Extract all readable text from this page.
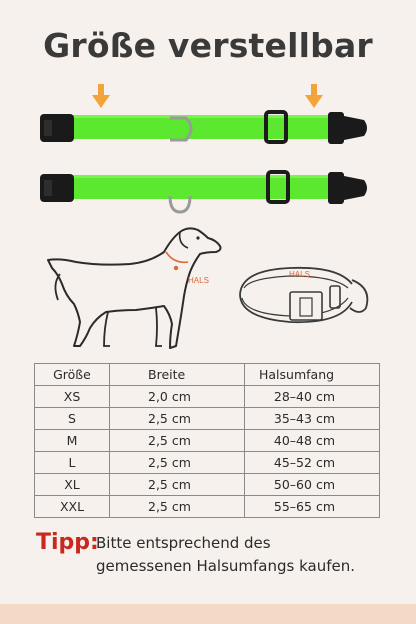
Größe verstellbar
HALS
HALS
Größe	Breite	Halsumfang
XS	2,0 cm	28–40 cm
S	2,5 cm	35–43 cm
M	2,5 cm	40–48 cm
L	2,5 cm	45–52 cm
XL	2,5 cm	50–60 cm
XXL	2,5 cm	55–65 cm
Tipp:
Bitte entsprechend des
gemessenen Halsumfangs kaufen.
